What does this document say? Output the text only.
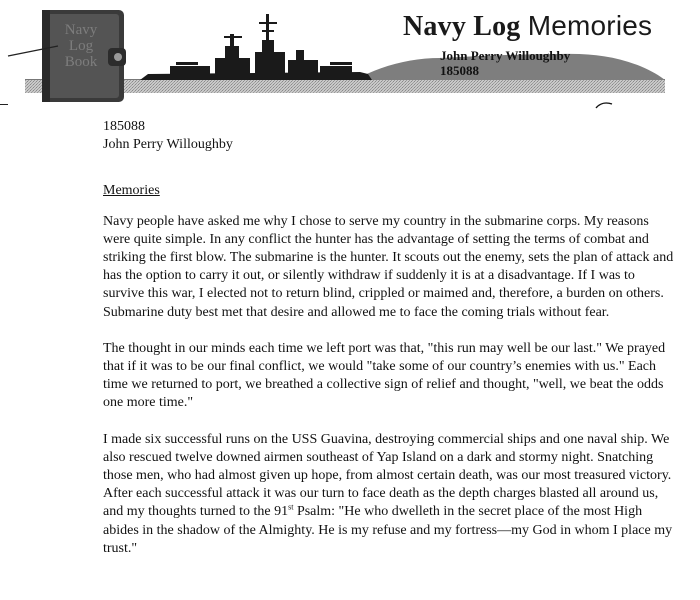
Navy
Log
Book
Navy Log Memories
John Perry Willoughby
185088

185088

John Perry Willoughby

Memories

Navy people have asked me why I chose to serve my country in the submarine corps. My reasons were quite simple. In any conflict the hunter has the advantage of setting the terms of combat and striking the first blow. The submarine is the hunter. It scouts out the enemy, sets the plan of attack and has the option to carry it out, or silently withdraw if suddenly it is at a disadvantage. If I was to survive this war, I elected not to return blind, crippled or maimed and, therefore, a burden on others. Submarine duty best met that desire and allowed me to face the coming trials without fear.

The thought in our minds each time we left port was that, "this run may well be our last." We prayed that if it was to be our final conflict, we would "take some of our country’s enemies with us." Each time we returned to port, we breathed a collective sign of relief and thought, "well, we beat the odds one more time."

I made six successful runs on the USS Guavina, destroying commercial ships and one naval ship. We also rescued twelve downed airmen southeast of Yap Island on a dark and stormy night. Snatching those men, who had almost given up hope, from almost certain death, was our most treasured victory. After each successful attack it was our turn to face death as the depth charges blasted all around us, and my thoughts turned to the 91st Psalm: "He who dwelleth in the secret place of the most High abides in the shadow of the Almighty. He is my refuse and my fortress—my God in whom I place my trust."
